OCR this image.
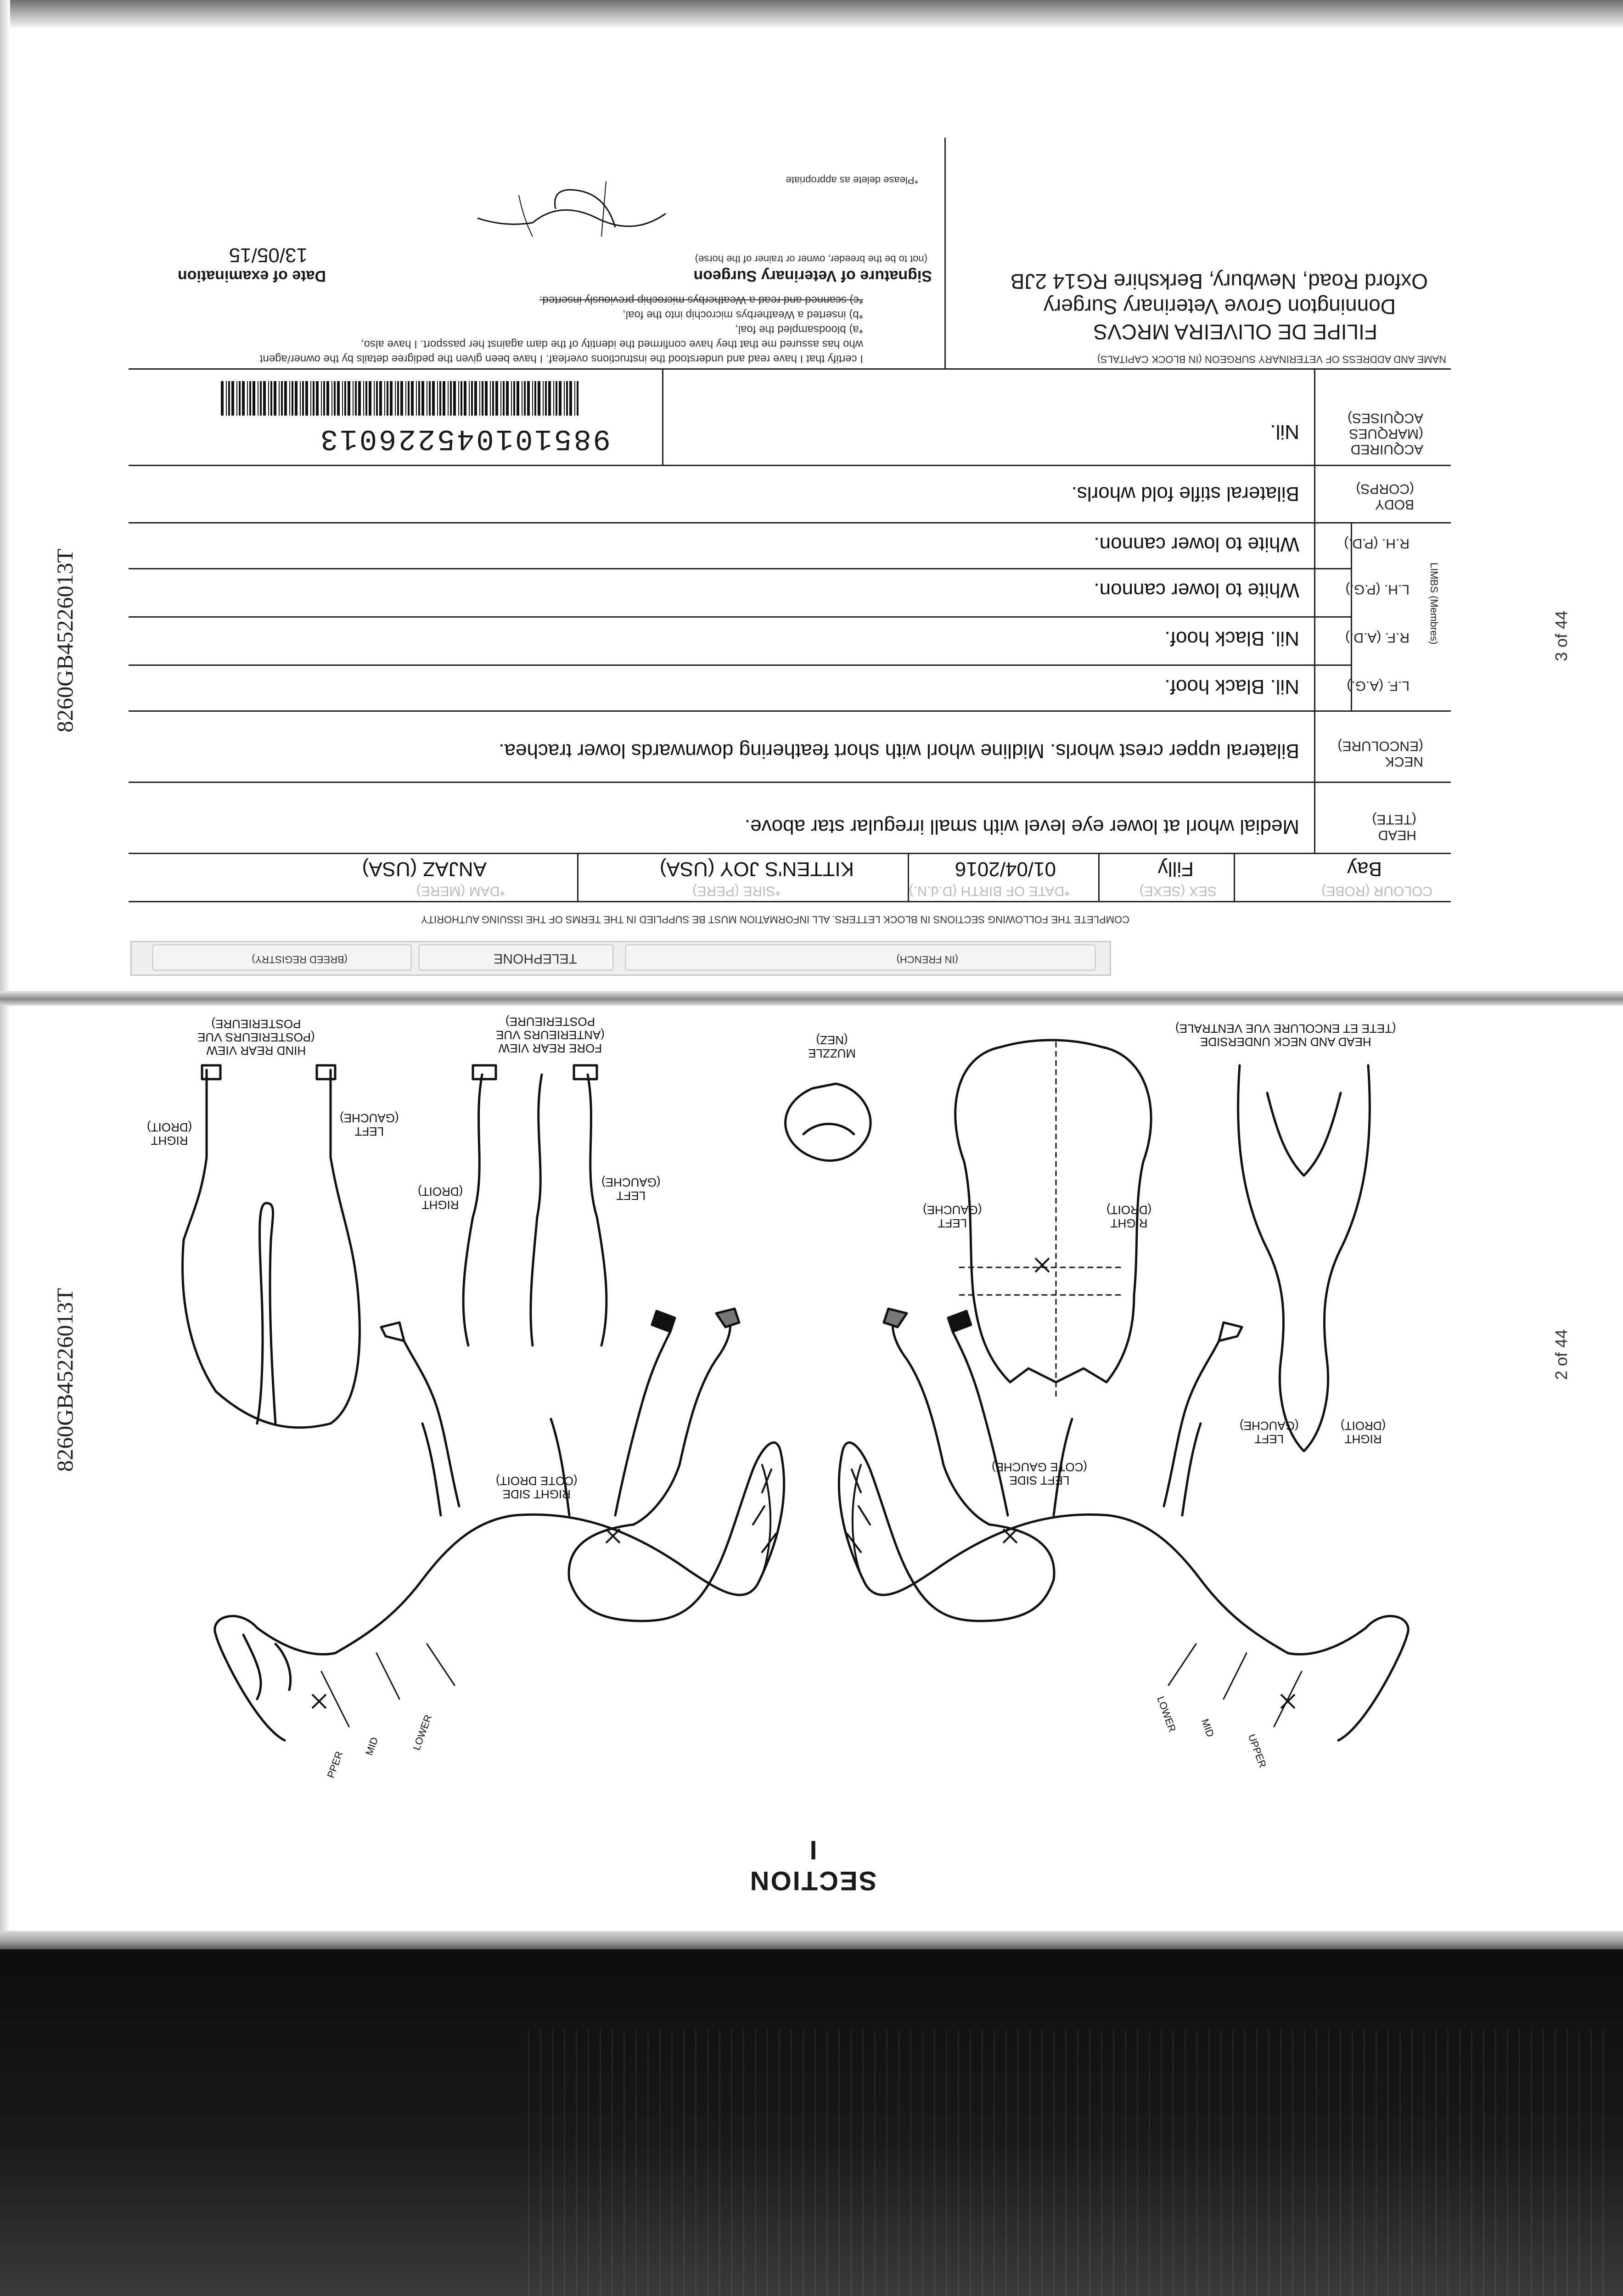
8260GB45226013T
8260GB45226013T
3 of 44
2 of 44
(IN FRENCH)
TELEPHONE
(BREED REGISTRY)
COMPLETE THE FOLLOWING SECTIONS IN BLOCK LETTERS. ALL INFORMATION MUST BE SUPPLIED IN THE TERMS OF THE ISSUING AUTHORITY
COLOUR (ROBE)
Bay
SEX (SEXE)
Filly
*DATE OF BIRTH (D.d.N.)
01/04/2016
*SIRE (PERE)
KITTEN'S JOY (USA)
*DAM (MERE)
ANJAZ (USA)
HEAD
(TETE)
Medial whorl at lower eye level with small irregular star above.
NECK
(ENCOLURE)
Bilateral upper crest whorls. Midline whorl with short feathering downwards lower trachea.
LIMBS (Membres)
L.F. (A.G.)
Nil. Black hoof.
R.F. (A.D.)
Nil. Black hoof.
L.H. (P.G.)
White to lower cannon.
R.H. (P.D.)
White to lower cannon.
BODY
(CORPS)
Bilateral stifle fold whorls.
ACQUIRED
(MARQUES
ACQUISES)
Nil.
985101045226013
NAME AND ADDRESS OF VETERINARY SURGEON (IN BLOCK CAPITALS)
FILIPE DE OLIVEIRA MRCVS
Donnington Grove Veterinary Surgery
Oxford Road, Newbury, Berkshire RG14 2JB
I certify that I have read and understood the instructions overleaf. I have been given the pedigree details by the owner/agent
who has assured me that they have confirmed the identity of the dam against her passport. I have also,
*a) bloodsampled the foal,
*b) inserted a Weatherbys microchip into the foal,
*c) scanned and read a Weatherbys microchip previously inserted.
Signature of Veterinary Surgeon
(not to be the breeder, owner or trainer of the horse)
Date of examination
13/05/15
*Please delete as appropriate
SECTION I
RIGHT SIDE
(COTE DROIT)	LEFT SIDE
(COTE GAUCHE)
HEAD AND NECK UNDERSIDE
(TETE ET ENCOLURE VUE VENTRALE)
MUZZLE
(NEZ)
FORE REAR VIEW
(ANTERIEURS VUE
POSTERIEURE)
HIND REAR VIEW
(POSTERIEURS VUE
POSTERIEURE)
LEFT
(GAUCHE)
RIGHT
(DROIT)
LEFT
(GAUCHE)
RIGHT
(DROIT)
LEFT
(GAUCHE)
RIGHT
(DROIT)
LEFT
(GAUCHE)
RIGHT
(DROIT)
PPER
MID	LOWER	UPPER
MID
LOWER
